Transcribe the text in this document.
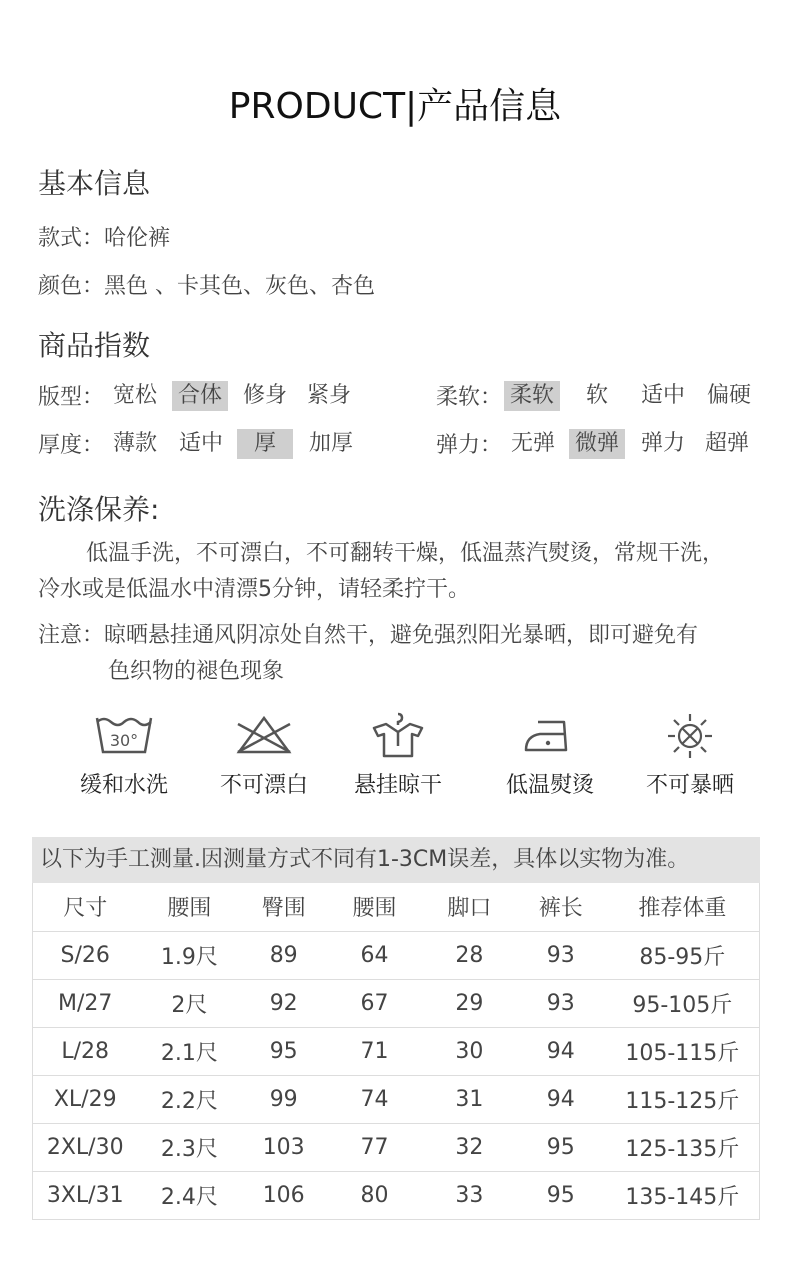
PRODUCT|产品信息
基本信息
款式：哈伦裤
颜色：黑色 、卡其色、灰色、杏色
商品指数
版型： 宽松 合体 修身 紧身	柔软： 柔软 软 适中 偏硬
厚度： 薄款 适中	厚	加厚	弹力： 无弹 微弹 弹力 超弹
洗涤保养:
低温手洗，不可漂白，不可翻转干燥，低温蒸汽熨烫，常规干洗，
冷水或是低温水中清漂5分钟，请轻柔拧干。
注意：晾晒悬挂通风阴凉处自然干，避免强烈阳光暴晒，即可避免有
色织物的褪色现象
30°
缓和水洗	不可漂白	悬挂晾干	低温熨烫	不可暴晒
以下为手工测量.因测量方式不同有1-3CM误差，具体以实物为准。
尺寸	腰围	臀围	腰围	脚口	裤长	推荐体重
S/26	1.9尺	89	64	28	93	85-95斤
M/27	2尺	92	67	29	93	95-105斤
L/28	2.1尺	95	71	30	94	105-115斤
XL/29	2.2尺	99	74	31	94	115-125斤
2XL/30	2.3尺	103	77	32	95	125-135斤
3XL/31	2.4尺	106	80	33	95	135-145斤
